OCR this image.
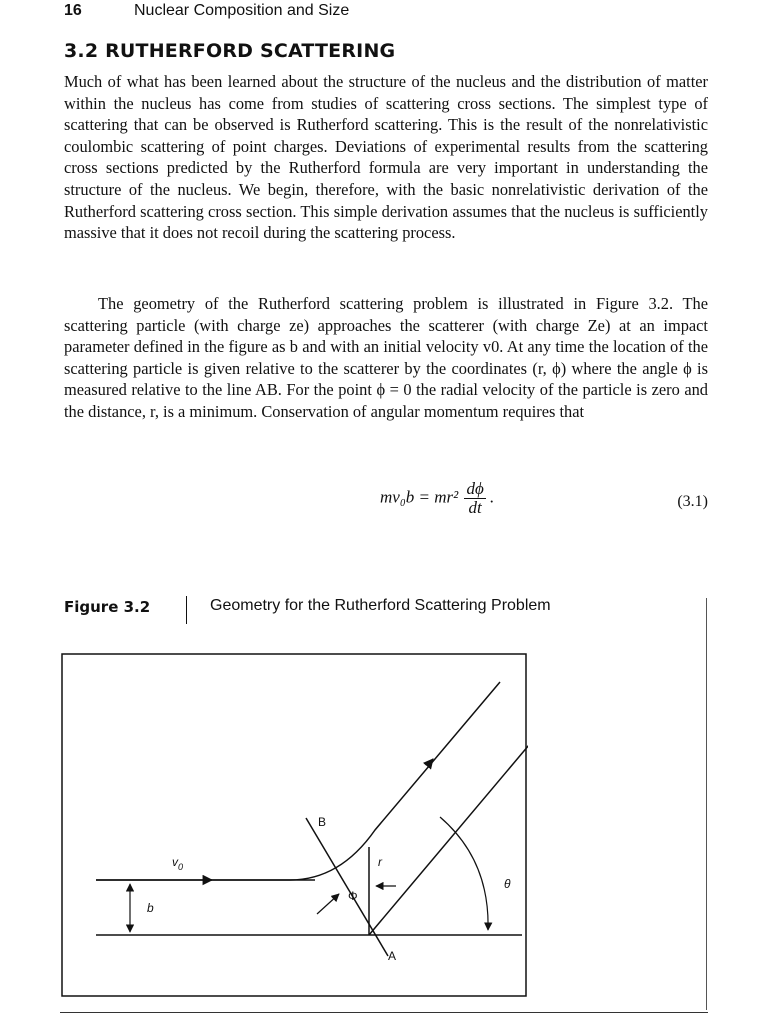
16	Nuclear Composition and Size
3.2 RUTHERFORD SCATTERING
Much of what has been learned about the structure of the nucleus and the distribution of matter within the nucleus has come from studies of scattering cross sections. The simplest type of scattering that can be observed is Rutherford scattering. This is the result of the nonrelativistic coulombic scattering of point charges. Deviations of experimental results from the scattering cross sections predicted by the Rutherford formula are very important in understanding the structure of the nucleus. We begin, therefore, with the basic nonrelativistic derivation of the Rutherford scattering cross section. This simple derivation assumes that the nucleus is sufficiently massive that it does not recoil during the scattering process.
The geometry of the Rutherford scattering problem is illustrated in Figure 3.2. The scattering particle (with charge ze) approaches the scatterer (with charge Ze) at an impact parameter defined in the figure as b and with an initial velocity v0. At any time the location of the scattering particle is given relative to the scatterer by the coordinates (r, ϕ) where the angle ϕ is measured relative to the line AB. For the point ϕ = 0 the radial velocity of the particle is zero and the distance, r, is a minimum. Conservation of angular momentum requires that
$mv_0b = mr^2 \frac{d\phi}{dt}$ .	(3.1)
Figure 3.2	Geometry for the Rutherford Scattering Problem
$v_0$
b
B
r
Φ
θ
A
